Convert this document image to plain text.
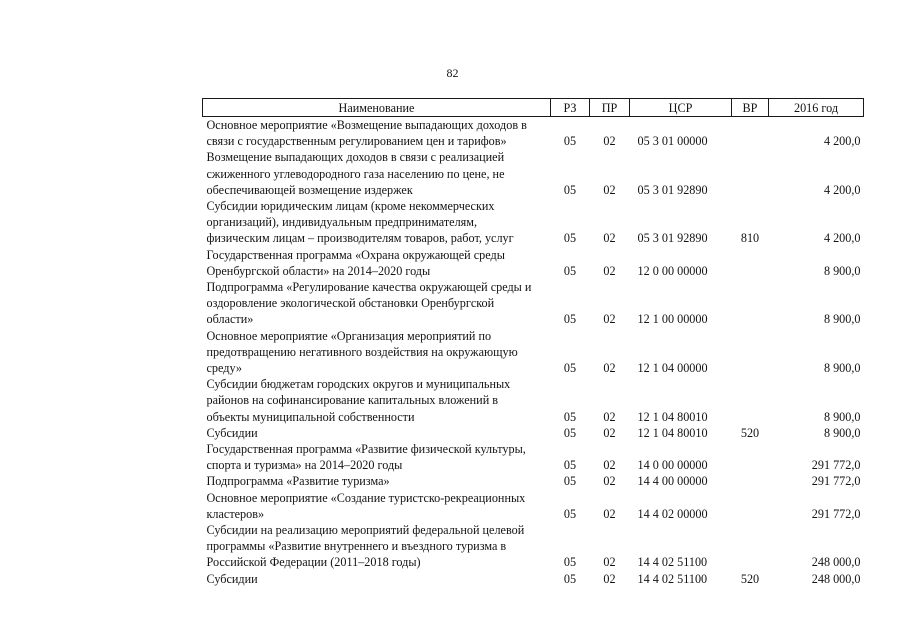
82
Наименование	РЗ	ПР	ЦСР	ВР	2016 год

Основное мероприятие «Возмещение выпадающих доходов в
связи с государственным регулированием цен и тарифов»	05	02	05 3 01 00000		4 200,0

Возмещение выпадающих доходов в связи с реализацией
сжиженного углеводородного газа населению по цене, не
обеспечивающей возмещение издержек	05	02	05 3 01 92890		4 200,0

Субсидии юридическим лицам (кроме некоммерческих
организаций), индивидуальным предпринимателям,
физическим лицам – производителям товаров, работ, услуг	05	02	05 3 01 92890	810	4 200,0

Государственная программа «Охрана окружающей среды
Оренбургской области» на 2014–2020 годы	05	02	12 0 00 00000		8 900,0

Подпрограмма «Регулирование качества окружающей среды и
оздоровление экологической обстановки Оренбургской
области»	05	02	12 1 00 00000		8 900,0

Основное мероприятие «Организация мероприятий по
предотвращению негативного воздействия на окружающую
среду»	05	02	12 1 04 00000		8 900,0

Субсидии бюджетам городских округов и муниципальных
районов на софинансирование капитальных вложений в
объекты муниципальной собственности	05	02	12 1 04 80010		8 900,0

Субсидии	05	02	12 1 04 80010	520	8 900,0

Государственная программа «Развитие физической культуры,
спорта и туризма» на 2014–2020 годы	05	02	14 0 00 00000		291 772,0

Подпрограмма «Развитие туризма»	05	02	14 4 00 00000		291 772,0

Основное мероприятие «Создание туристско-рекреационных
кластеров»	05	02	14 4 02 00000		291 772,0

Субсидии на реализацию мероприятий федеральной целевой
программы «Развитие внутреннего и въездного туризма в
Российской Федерации (2011–2018 годы)	05	02	14 4 02 51100		248 000,0

Субсидии	05	02	14 4 02 51100	520	248 000,0
